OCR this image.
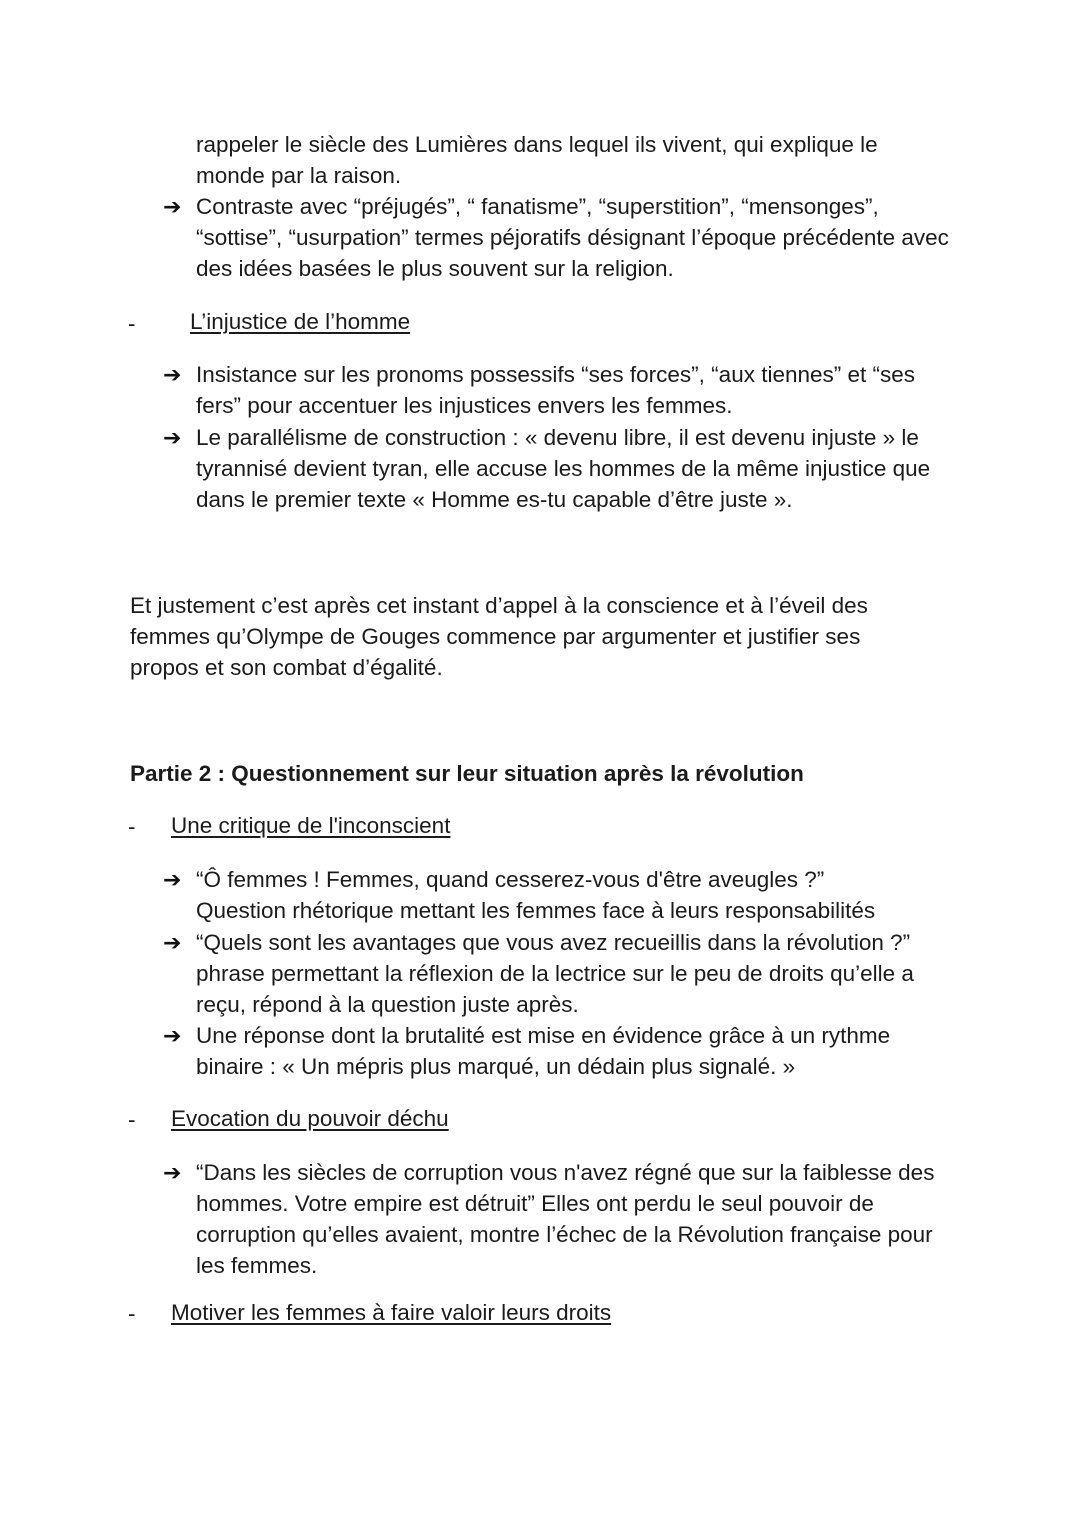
rappeler le siècle des Lumières dans lequel ils vivent, qui explique le monde par la raison.
➔ Contraste avec “préjugés”, “ fanatisme”, “superstition”, “mensonges”, “sottise”, “usurpation” termes péjoratifs désignant l’époque précédente avec des idées basées le plus souvent sur la religion.
- L’injustice de l’homme
➔ Insistance sur les pronoms possessifs “ses forces”, “aux tiennes” et “ses fers” pour accentuer les injustices envers les femmes.
➔ Le parallélisme de construction : « devenu libre, il est devenu injuste » le tyrannisé devient tyran, elle accuse les hommes de la même injustice que dans le premier texte « Homme es-tu capable d’être juste ».
Et justement c’est après cet instant d’appel à la conscience et à l’éveil des femmes qu’Olympe de Gouges commence par argumenter et justifier ses propos et son combat d’égalité.
Partie 2 : Questionnement sur leur situation après la révolution
- Une critique de l'inconscient
➔ “Ô femmes ! Femmes, quand cesserez-vous d'être aveugles ?” Question rhétorique mettant les femmes face à leurs responsabilités
➔ “Quels sont les avantages que vous avez recueillis dans la révolution ?” phrase permettant la réflexion de la lectrice sur le peu de droits qu’elle a reçu, répond à la question juste après.
➔ Une réponse dont la brutalité est mise en évidence grâce à un rythme binaire : « Un mépris plus marqué, un dédain plus signalé. »
- Evocation du pouvoir déchu
➔ “Dans les siècles de corruption vous n'avez régné que sur la faiblesse des hommes. Votre empire est détruit” Elles ont perdu le seul pouvoir de corruption qu’elles avaient, montre l’échec de la Révolution française pour les femmes.
- Motiver les femmes à faire valoir leurs droits
